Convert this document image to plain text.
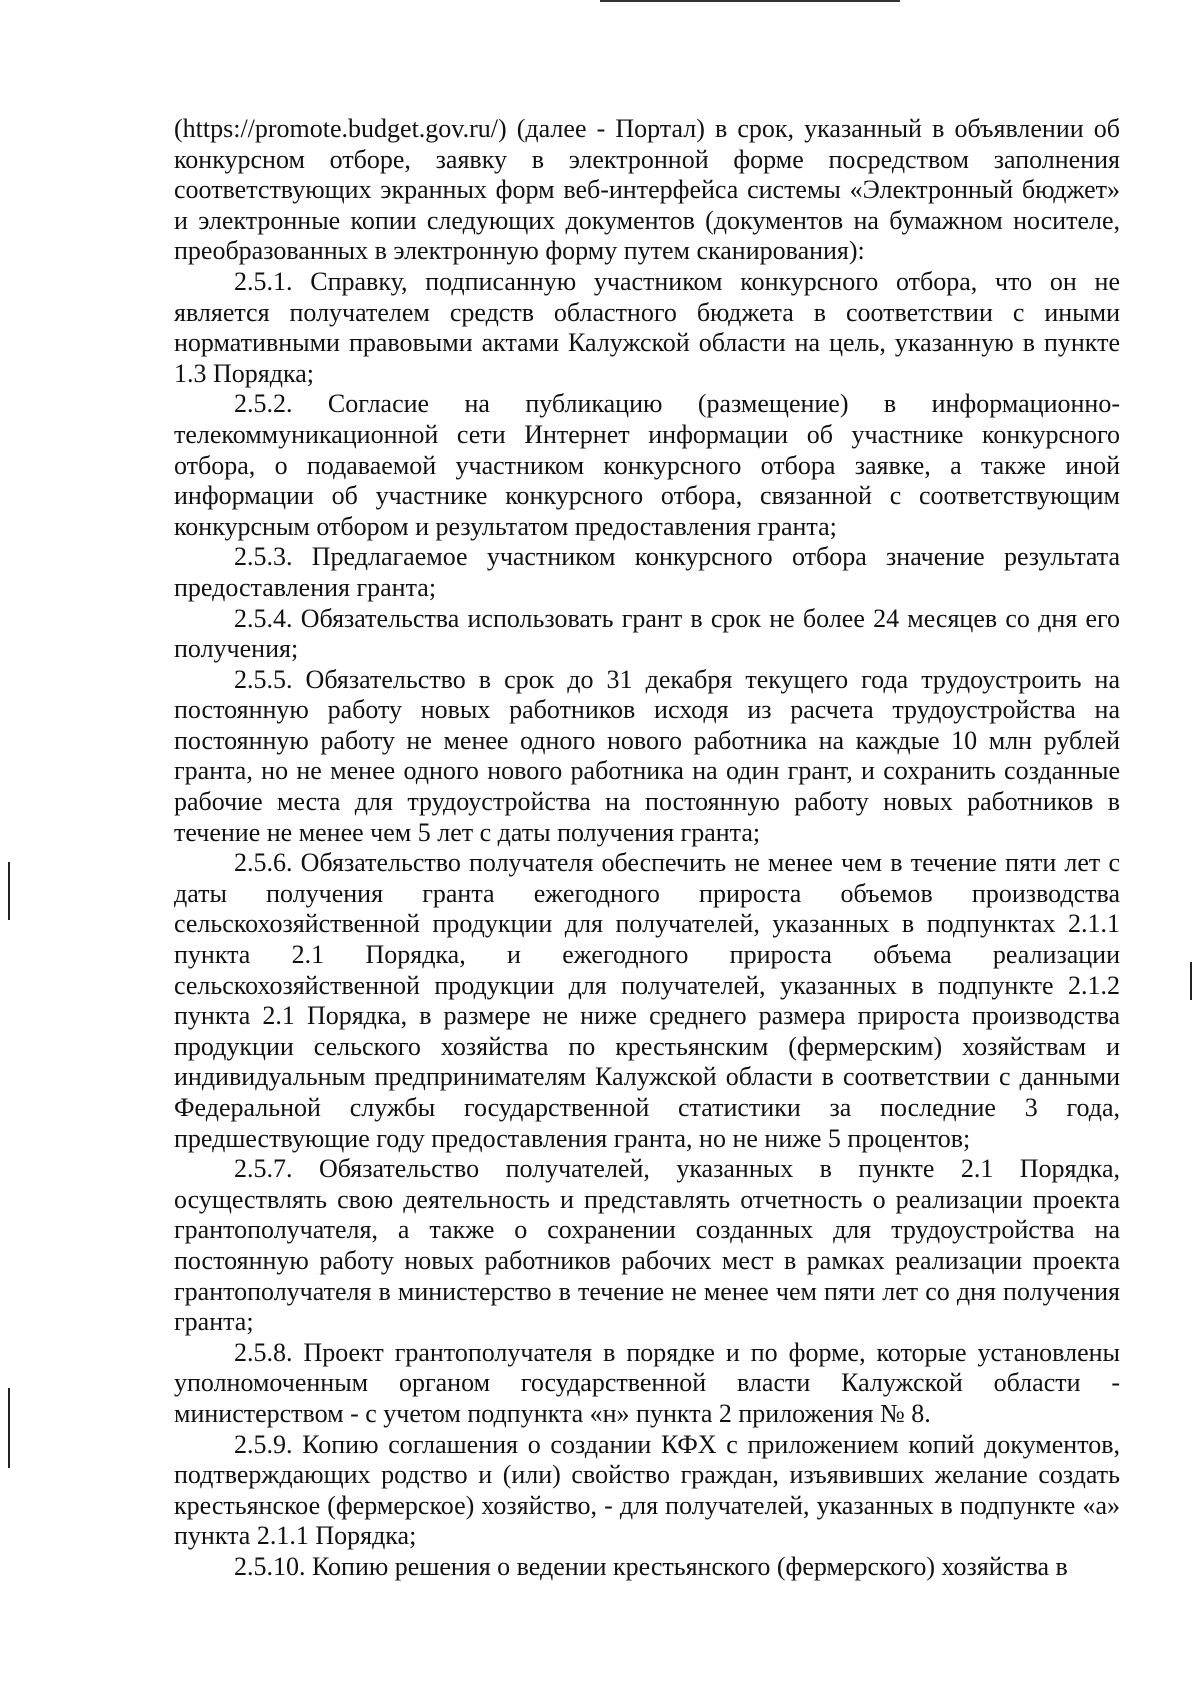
(https://promote.budget.gov.ru/) (далее - Портал) в срок, указанный в объявлении об конкурсном отборе, заявку в электронной форме посредством заполнения соответствующих экранных форм веб-интерфейса системы «Электронный бюджет» и электронные копии следующих документов (документов на бумажном носителе, преобразованных в электронную форму путем сканирования):

2.5.1. Справку, подписанную участником конкурсного отбора, что он не является получателем средств областного бюджета в соответствии с иными нормативными правовыми актами Калужской области на цель, указанную в пункте 1.3 Порядка;

2.5.2. Согласие на публикацию (размещение) в информационно-телекоммуникационной сети Интернет информации об участнике конкурсного отбора, о подаваемой участником конкурсного отбора заявке, а также иной информации об участнике конкурсного отбора, связанной с соответствующим конкурсным отбором и результатом предоставления гранта;

2.5.3. Предлагаемое участником конкурсного отбора значение результата предоставления гранта;

2.5.4. Обязательства использовать грант в срок не более 24 месяцев со дня его получения;

2.5.5. Обязательство в срок до 31 декабря текущего года трудоустроить на постоянную работу новых работников исходя из расчета трудоустройства на постоянную работу не менее одного нового работника на каждые 10 млн рублей гранта, но не менее одного нового работника на один грант, и сохранить созданные рабочие места для трудоустройства на постоянную работу новых работников в течение не менее чем 5 лет с даты получения гранта;

2.5.6. Обязательство получателя обеспечить не менее чем в течение пяти лет с даты получения гранта ежегодного прироста объемов производства сельскохозяйственной продукции для получателей, указанных в подпунктах 2.1.1 пункта 2.1 Порядка, и ежегодного прироста объема реализации сельскохозяйственной продукции для получателей, указанных в подпункте 2.1.2 пункта 2.1 Порядка, в размере не ниже среднего размера прироста производства продукции сельского хозяйства по крестьянским (фермерским) хозяйствам и индивидуальным предпринимателям Калужской области в соответствии с данными Федеральной службы государственной статистики за последние 3 года, предшествующие году предоставления гранта, но не ниже 5 процентов;

2.5.7. Обязательство получателей, указанных в пункте 2.1 Порядка, осуществлять свою деятельность и представлять отчетность о реализации проекта грантополучателя, а также о сохранении созданных для трудоустройства на постоянную работу новых работников рабочих мест в рамках реализации проекта грантополучателя в министерство в течение не менее чем пяти лет со дня получения гранта;

2.5.8. Проект грантополучателя в порядке и по форме, которые установлены уполномоченным органом государственной власти Калужской области - министерством - с учетом подпункта «н» пункта 2 приложения № 8.

2.5.9. Копию соглашения о создании КФХ с приложением копий документов, подтверждающих родство и (или) свойство граждан, изъявивших желание создать крестьянское (фермерское) хозяйство, - для получателей, указанных в подпункте «а» пункта 2.1.1 Порядка;

2.5.10. Копию решения о ведении крестьянского (фермерского) хозяйства в
